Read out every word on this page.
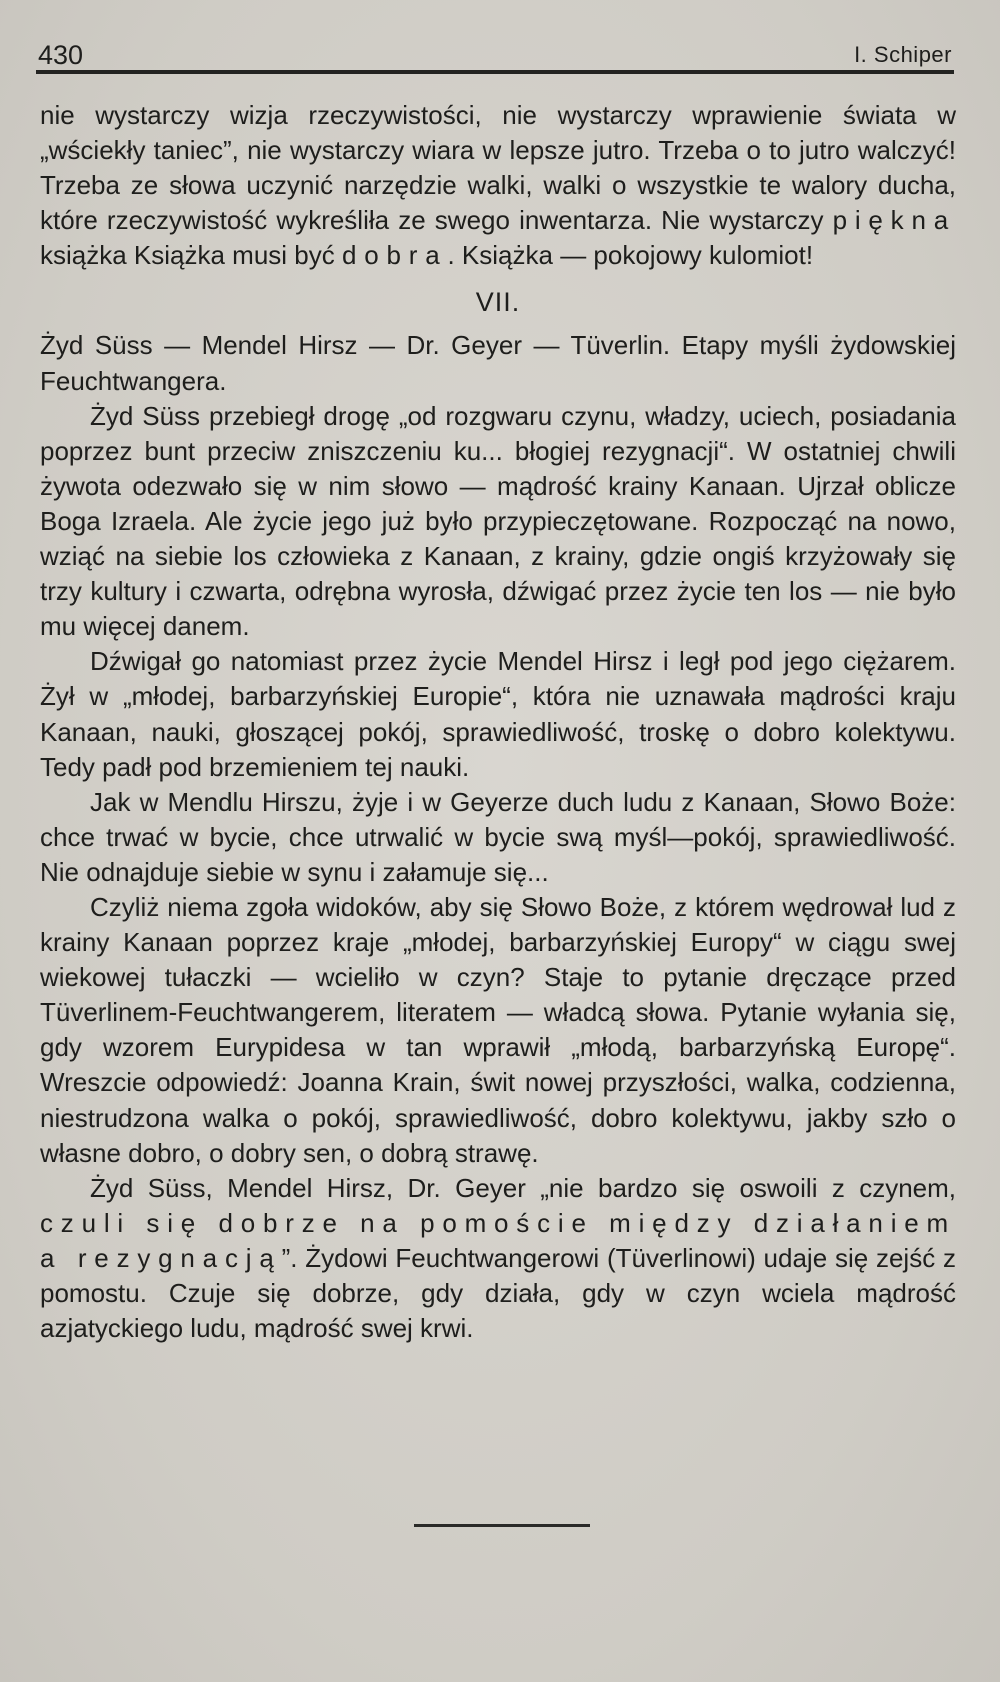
430	I. Schiper

nie wystarczy wizja rzeczywistości, nie wystarczy wprawienie świata w „wściekły taniec”, nie wystarczy wiara w lepsze jutro. Trzeba o to jutro walczyć! Trzeba ze słowa uczynić narzędzie walki, walki o wszystkie te walory ducha, które rzeczywistość wykreśliła ze swego inwentarza. Nie wystarczy piękna książka Książka musi być dobra. Książka — pokojowy kulomiot!

VII.

Żyd Süss — Mendel Hirsz — Dr. Geyer — Tüverlin. Etapy myśli żydowskiej Feuchtwangera.

Żyd Süss przebiegł drogę „od rozgwaru czynu, władzy, uciech, posiadania poprzez bunt przeciw zniszczeniu ku... błogiej rezygnacji“. W ostatniej chwili żywota odezwało się w nim słowo — mądrość krainy Kanaan. Ujrzał oblicze Boga Izraela. Ale życie jego już było przypieczętowane. Rozpocząć na nowo, wziąć na siebie los człowieka z Kanaan, z krainy, gdzie ongiś krzyżowały się trzy kultury i czwarta, odrębna wyrosła, dźwigać przez życie ten los — nie było mu więcej danem.

Dźwigał go natomiast przez życie Mendel Hirsz i legł pod jego ciężarem. Żył w „młodej, barbarzyńskiej Europie“, która nie uznawała mądrości kraju Kanaan, nauki, głoszącej pokój, sprawiedliwość, troskę o dobro kolektywu. Tedy padł pod brzemieniem tej nauki.

Jak w Mendlu Hirszu, żyje i w Geyerze duch ludu z Kanaan, Słowo Boże: chce trwać w bycie, chce utrwalić w bycie swą myśl—pokój, sprawiedliwość. Nie odnajduje siebie w synu i załamuje się...

Czyliż niema zgoła widoków, aby się Słowo Boże, z którem wędrował lud z krainy Kanaan poprzez kraje „młodej, barbarzyńskiej Europy“ w ciągu swej wiekowej tułaczki — wcieliło w czyn? Staje to pytanie dręczące przed Tüverlinem-Feuchtwangerem, literatem — władcą słowa. Pytanie wyłania się, gdy wzorem Eurypidesa w tan wprawił „młodą, barbarzyńską Europę“. Wreszcie odpowiedź: Joanna Krain, świt nowej przyszłości, walka, codzienna, niestrudzona walka o pokój, sprawiedliwość, dobro kolektywu, jakby szło o własne dobro, o dobry sen, o dobrą strawę.

Żyd Süss, Mendel Hirsz, Dr. Geyer „nie bardzo się oswoili z czynem, czuli się dobrze na pomoście między działaniem a rezygnacją”. Żydowi Feuchtwangerowi (Tüverlinowi) udaje się zejść z pomostu. Czuje się dobrze, gdy działa, gdy w czyn wciela mądrość azjatyckiego ludu, mądrość swej krwi.
